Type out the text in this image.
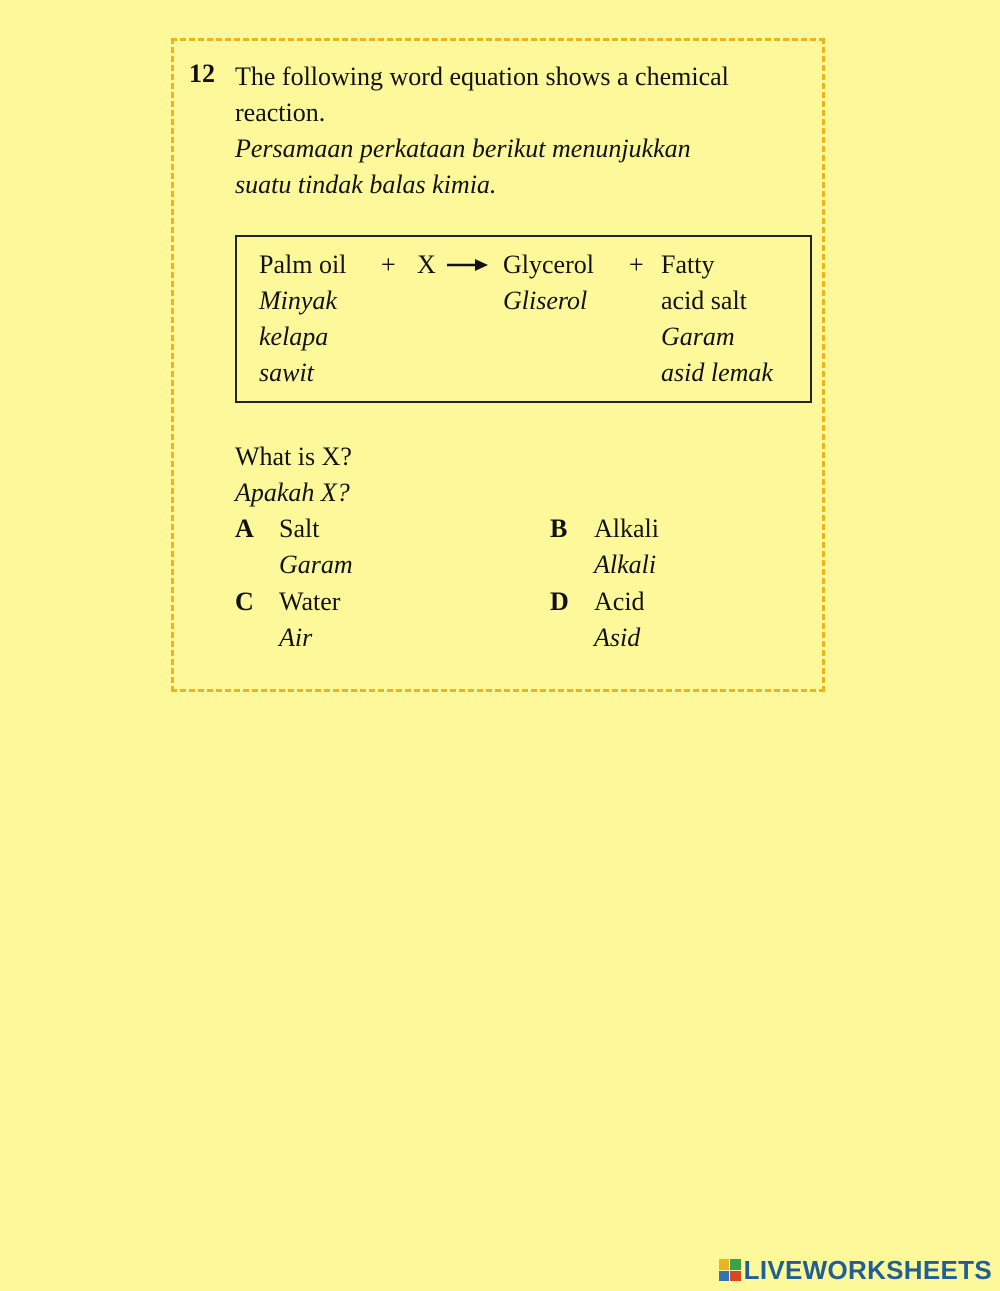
12 The following word equation shows a chemical
reaction.
Persamaan perkataan berikut menunjukkan
suatu tindak balas kimia.
Palm oil
Minyak
kelapa
sawit
+ X → Glycerol
Gliserol
+ Fatty
acid salt
Garam
asid lemak
What is X?
Apakah X?
A Salt
Garam
B Alkali
Alkali
C Water
Air
D Acid
Asid
LIVEWORKSHEETS
